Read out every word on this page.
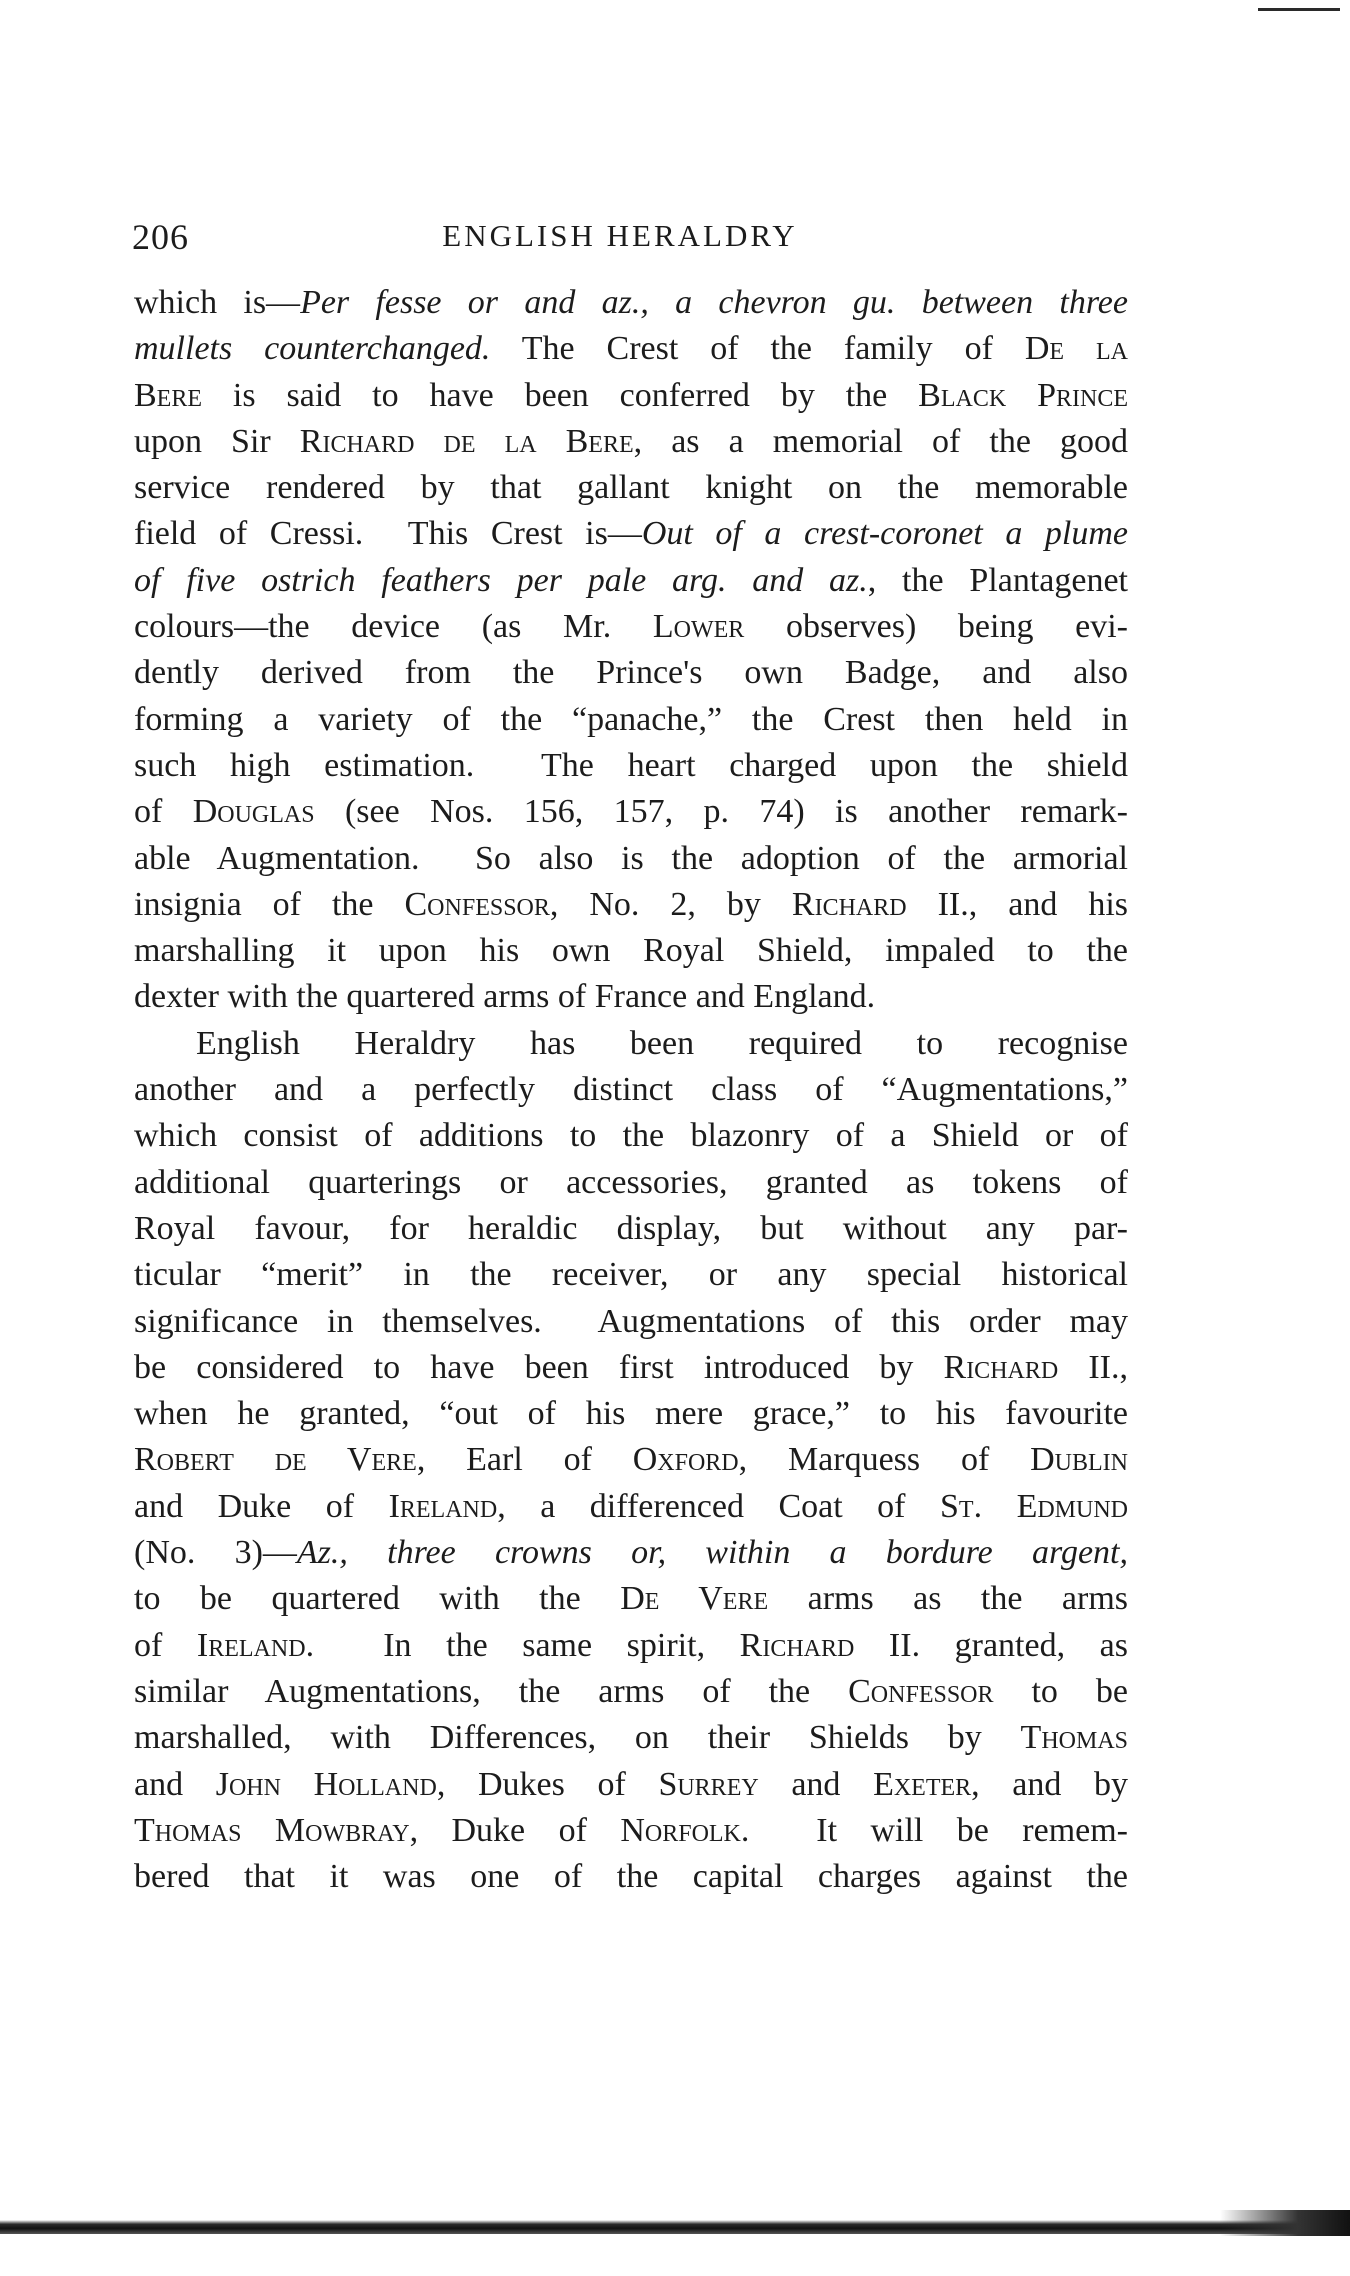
206	ENGLISH HERALDRY
which is—Per fesse or and az., a chevron gu. between three
mullets counterchanged. The Crest of the family of De la
Bere is said to have been conferred by the Black Prince
upon Sir Richard de la Bere, as a memorial of the good
service rendered by that gallant knight on the memorable
field of Cressi.  This Crest is—Out of a crest-coronet a plume
of five ostrich feathers per pale arg. and az., the Plantagenet
colours—the device (as Mr. Lower observes) being evi-
dently derived from the Prince's own Badge, and also
forming a variety of the “panache,” the Crest then held in
such high estimation.  The heart charged upon the shield
of Douglas (see Nos. 156, 157, p. 74) is another remark-
able Augmentation.  So also is the adoption of the armorial
insignia of the Confessor, No. 2, by Richard II., and his
marshalling it upon his own Royal Shield, impaled to the
dexter with the quartered arms of France and England.
English Heraldry has been required to recognise
another and a perfectly distinct class of “Augmentations,”
which consist of additions to the blazonry of a Shield or of
additional quarterings or accessories, granted as tokens of
Royal favour, for heraldic display, but without any par-
ticular “merit” in the receiver, or any special historical
significance in themselves.  Augmentations of this order may
be considered to have been first introduced by Richard II.,
when he granted, “out of his mere grace,” to his favourite
Robert de Vere, Earl of Oxford, Marquess of Dublin
and Duke of Ireland, a differenced Coat of St. Edmund
(No. 3)—Az., three crowns or, within a bordure argent,
to be quartered with the De Vere arms as the arms
of Ireland.  In the same spirit, Richard II. granted, as
similar Augmentations, the arms of the Confessor to be
marshalled, with Differences, on their Shields by Thomas
and John Holland, Dukes of Surrey and Exeter, and by
Thomas Mowbray, Duke of Norfolk.  It will be remem-
bered that it was one of the capital charges against the
